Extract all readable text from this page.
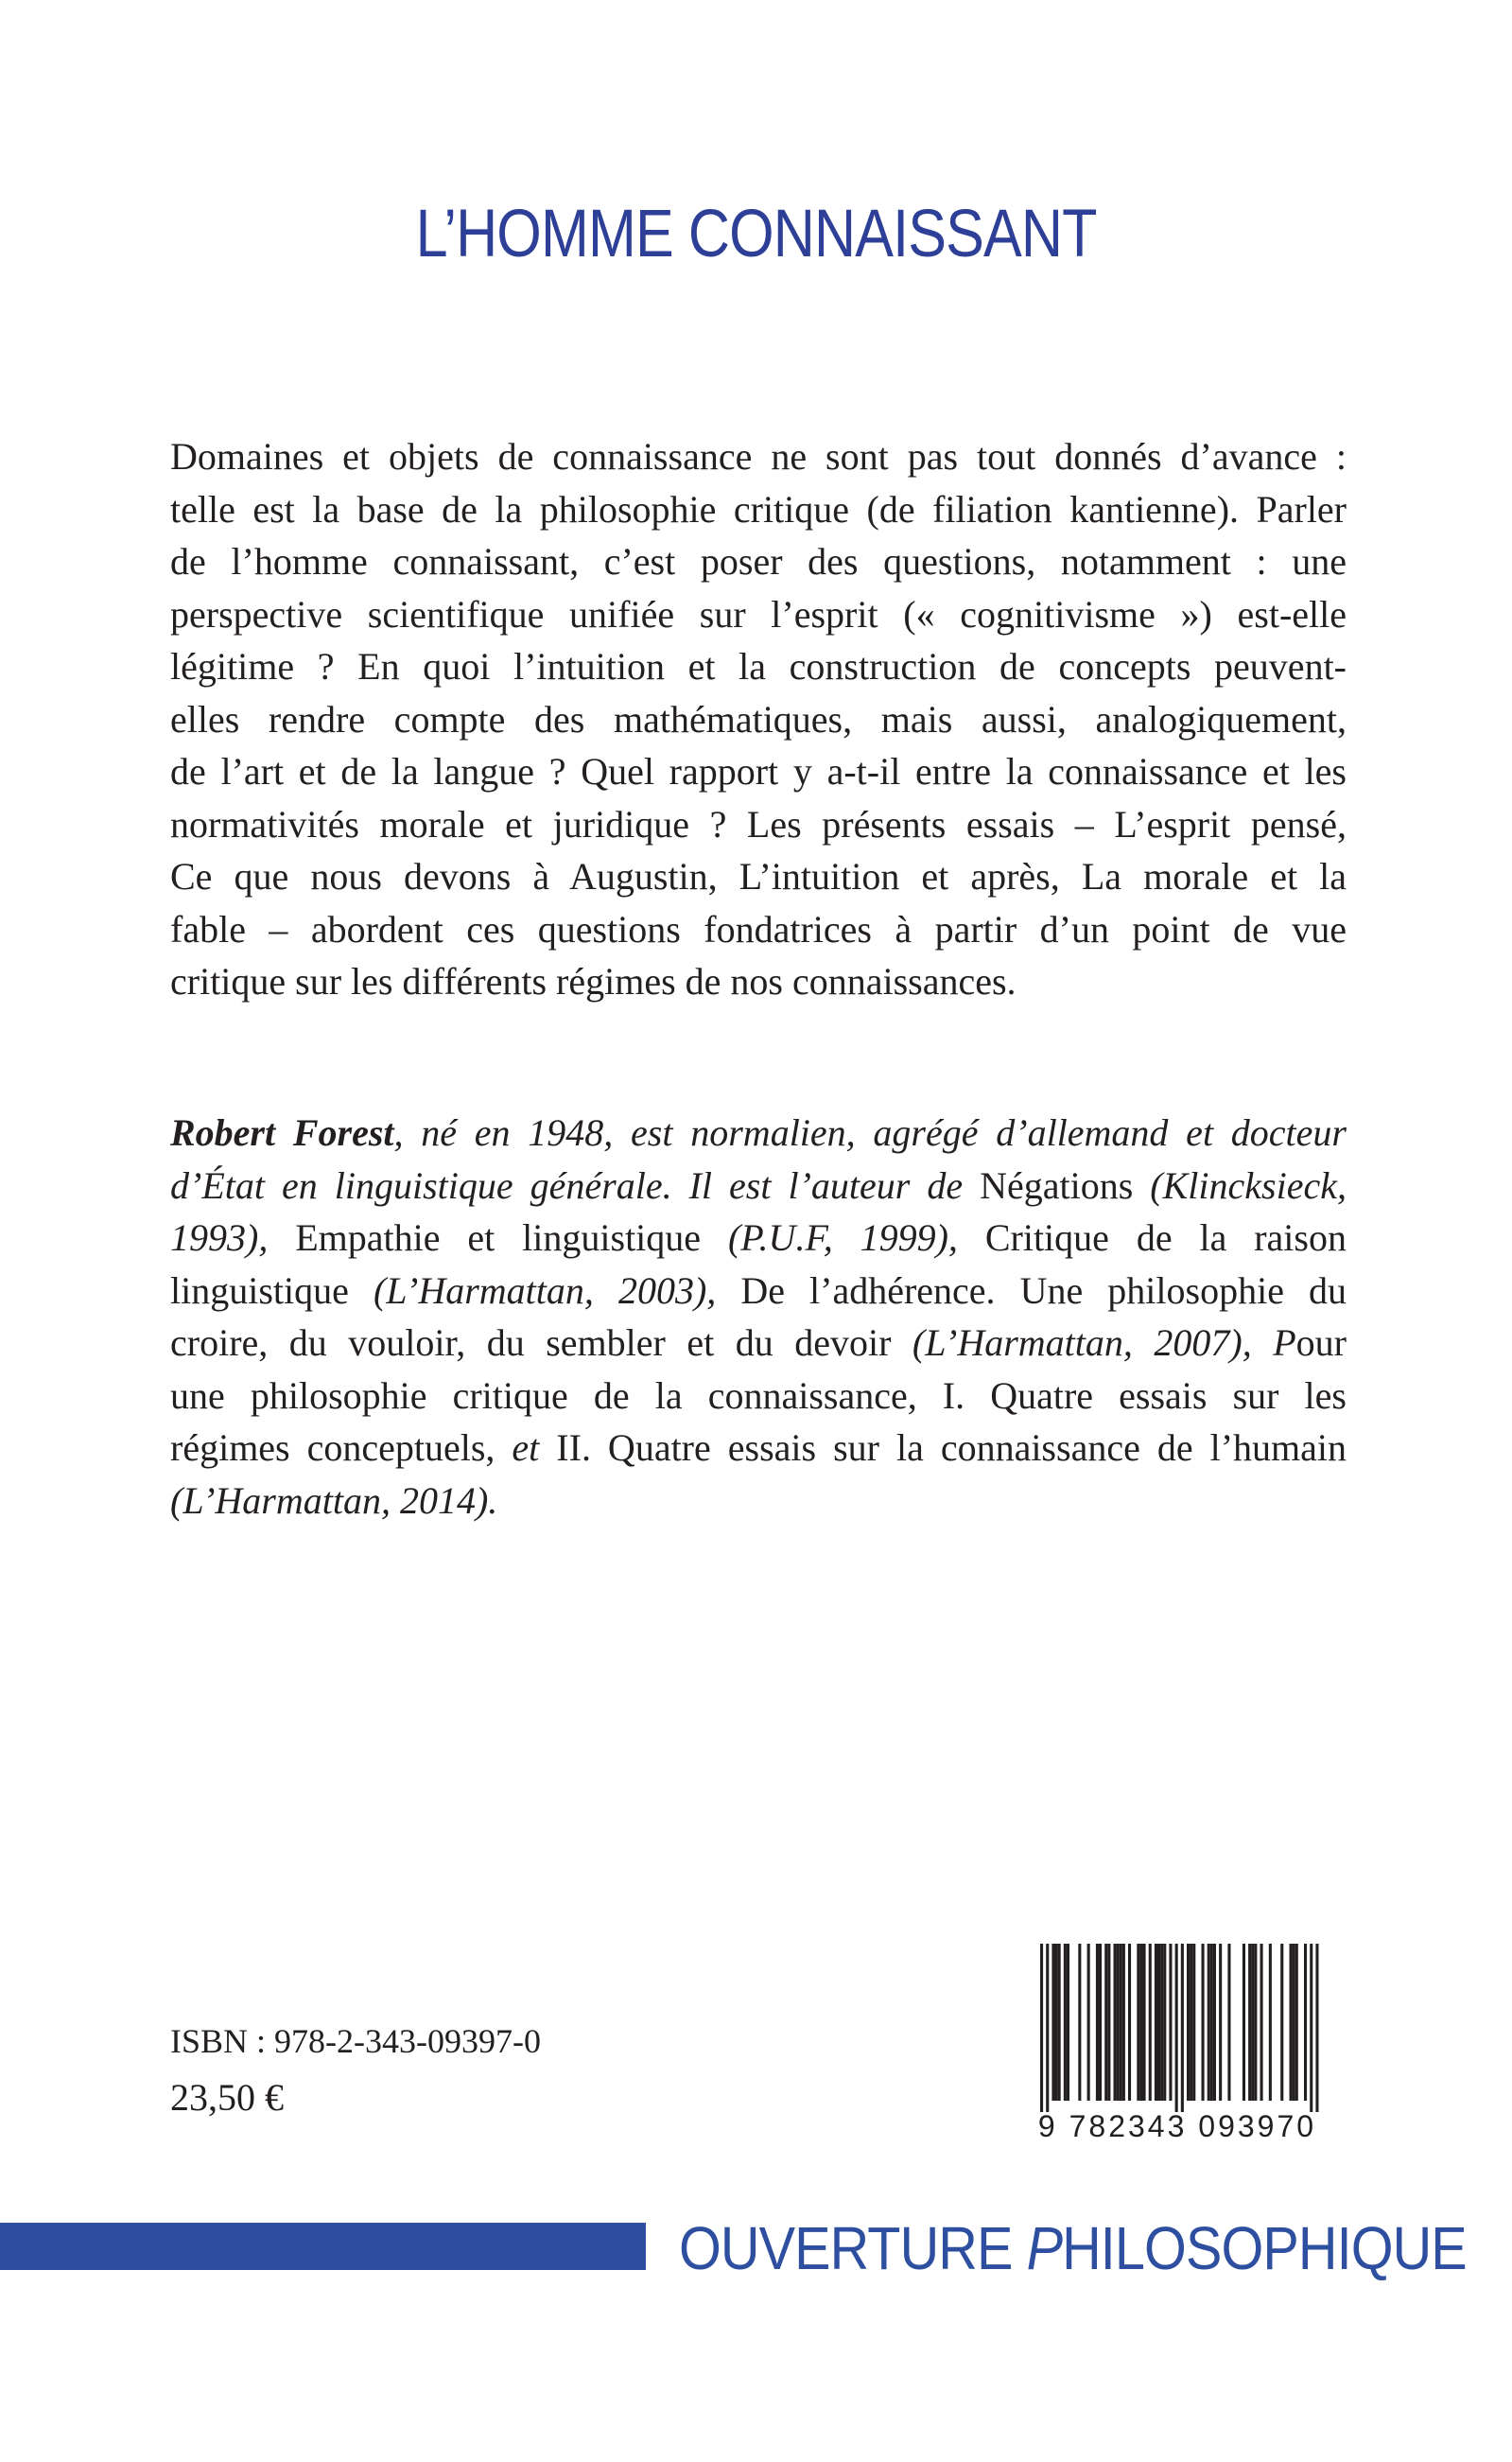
L’HOMME CONNAISSANT
Domaines et objets de connaissance ne sont pas tout donnés d’avance :
telle est la base de la philosophie critique (de filiation kantienne). Parler
de l’homme connaissant, c’est poser des questions, notamment : une
perspective scientifique unifiée sur l’esprit (« cognitivisme ») est-elle
légitime ? En quoi l’intuition et la construction de concepts peuvent-
elles rendre compte des mathématiques, mais aussi, analogiquement,
de l’art et de la langue ? Quel rapport y a-t-il entre la connaissance et les
normativités morale et juridique ? Les présents essais – L’esprit pensé,
Ce que nous devons à Augustin, L’intuition et après, La morale et la
fable – abordent ces questions fondatrices à partir d’un point de vue
critique sur les différents régimes de nos connaissances.
Robert Forest, né en 1948, est normalien, agrégé d’allemand et docteur
d’État en linguistique générale. Il est l’auteur de Négations (Klincksieck,
1993), Empathie et linguistique (P.U.F, 1999), Critique de la raison
linguistique (L’Harmattan, 2003), De l’adhérence. Une philosophie du
croire, du vouloir, du sembler et du devoir (L’Harmattan, 2007), Pour
une philosophie critique de la connaissance, I. Quatre essais sur les
régimes conceptuels, et II. Quatre essais sur la connaissance de l’humain
(L’Harmattan, 2014).
ISBN : 978-2-343-09397-0
23,50 €
9 782343 093970
OUVERTURE PHILOSOPHIQUE
